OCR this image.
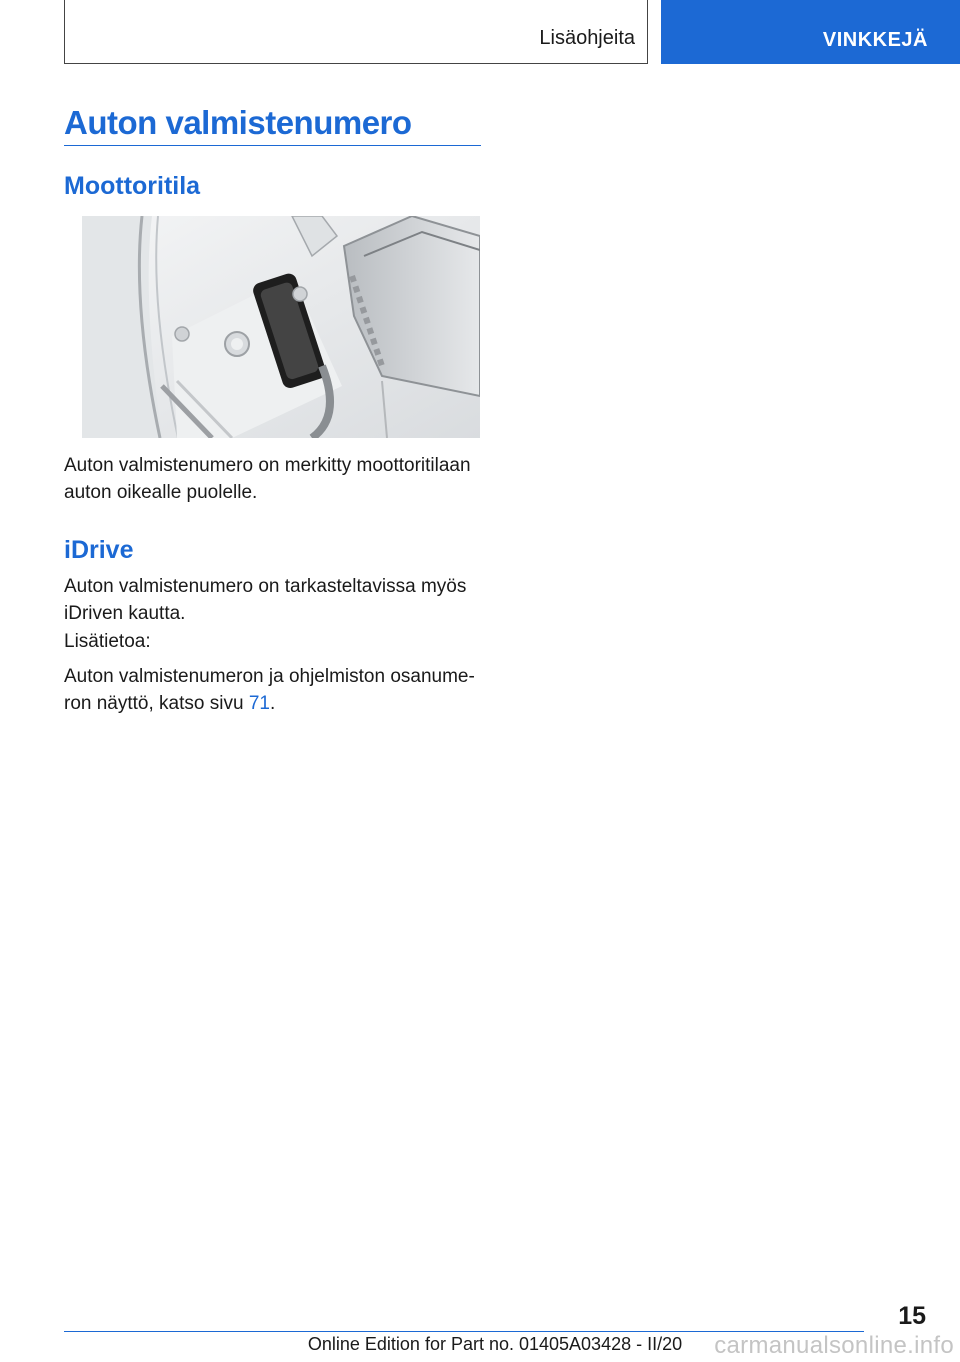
Lisäohjeita	VINKKEJÄ
Auton valmistenumero
Moottoritila

Auton valmistenumero on merkitty moottoritilaan auton oikealle puolelle.

iDrive

Auton valmistenumero on tarkasteltavissa myös iDriven kautta.

Lisätietoa:

Auton valmistenumeron ja ohjelmiston osanumeron näyttö, katso sivu 71.

15
Online Edition for Part no. 01405A03428 - II/20	carmanualsonline.info
